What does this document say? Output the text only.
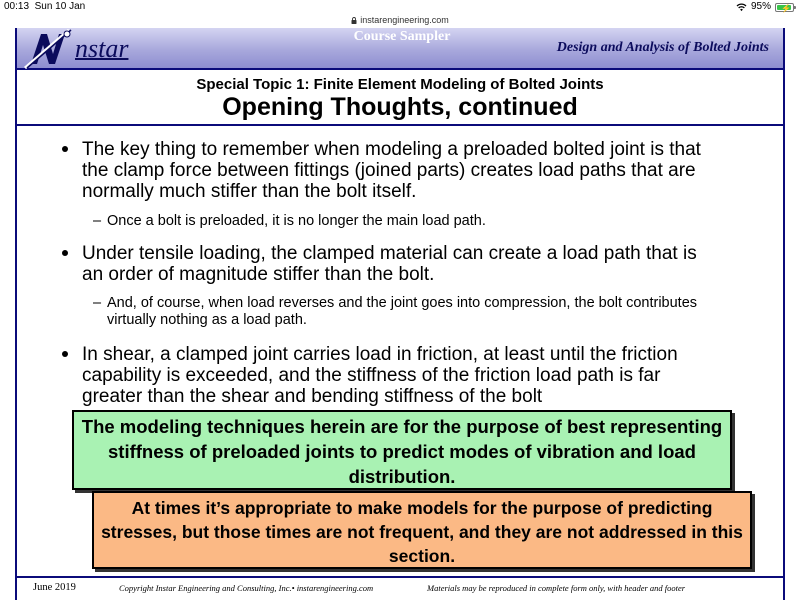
00:13 Sun 10 Jan	95% ⚡
instarengineering.com
nstar	Course Sampler
Design and Analysis of Bolted Joints
Special Topic 1: Finite Element Modeling of Bolted Joints
Opening Thoughts, continued
The key thing to remember when modeling a preloaded bolted joint is that the clamp force between fittings (joined parts) creates load paths that are normally much stiffer than the bolt itself.
– Once a bolt is preloaded, it is no longer the main load path.
Under tensile loading, the clamped material can create a load path that is an order of magnitude stiffer than the bolt.
– And, of course, when load reverses and the joint goes into compression, the bolt contributes virtually nothing as a load path.
In shear, a clamped joint carries load in friction, at least until the friction capability is exceeded, and the stiffness of the friction load path is far greater than the shear and bending stiffness of the bolt
The modeling techniques herein are for the purpose of best representing stiffness of preloaded joints to predict modes of vibration and load distribution.
At times it’s appropriate to make models for the purpose of predicting stresses, but those times are not frequent, and they are not addressed in this section.
June 2019	Copyright Instar Engineering and Consulting, Inc.• instarengineering.com	Materials may be reproduced in complete form only, with header and footer
